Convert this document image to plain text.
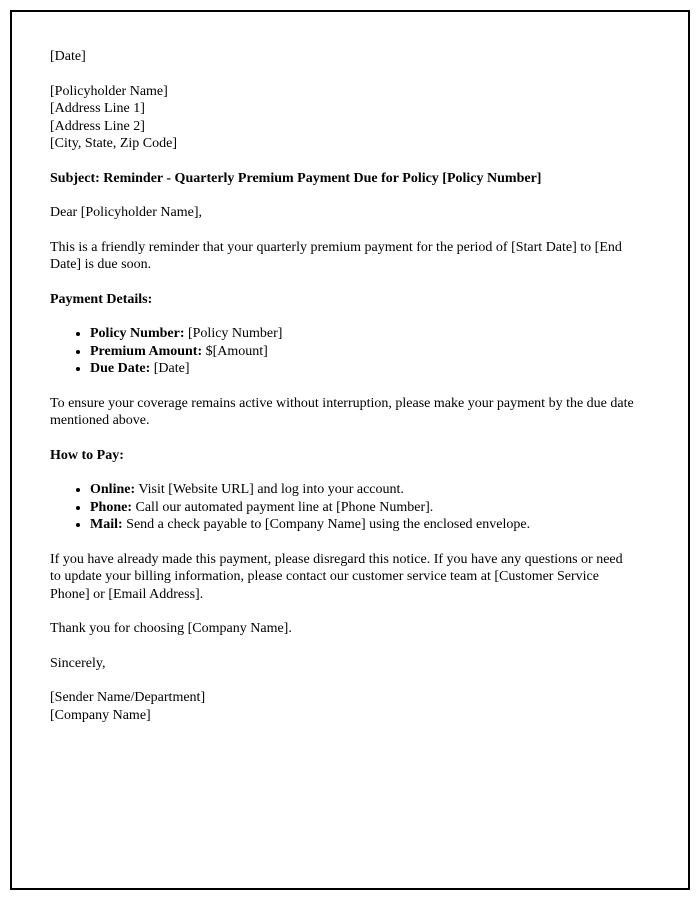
[Date]

[Policyholder Name]
[Address Line 1]
[Address Line 2]
[City, State, Zip Code]

Subject: Reminder - Quarterly Premium Payment Due for Policy [Policy Number]

Dear [Policyholder Name],

This is a friendly reminder that your quarterly premium payment for the period of [Start Date] to [End Date] is due soon.

Payment Details:

• Policy Number: [Policy Number]
• Premium Amount: $[Amount]
• Due Date: [Date]

To ensure your coverage remains active without interruption, please make your payment by the due date mentioned above.

How to Pay:

• Online: Visit [Website URL] and log into your account.
• Phone: Call our automated payment line at [Phone Number].
• Mail: Send a check payable to [Company Name] using the enclosed envelope.

If you have already made this payment, please disregard this notice. If you have any questions or need to update your billing information, please contact our customer service team at [Customer Service Phone] or [Email Address].

Thank you for choosing [Company Name].

Sincerely,

[Sender Name/Department]
[Company Name]
